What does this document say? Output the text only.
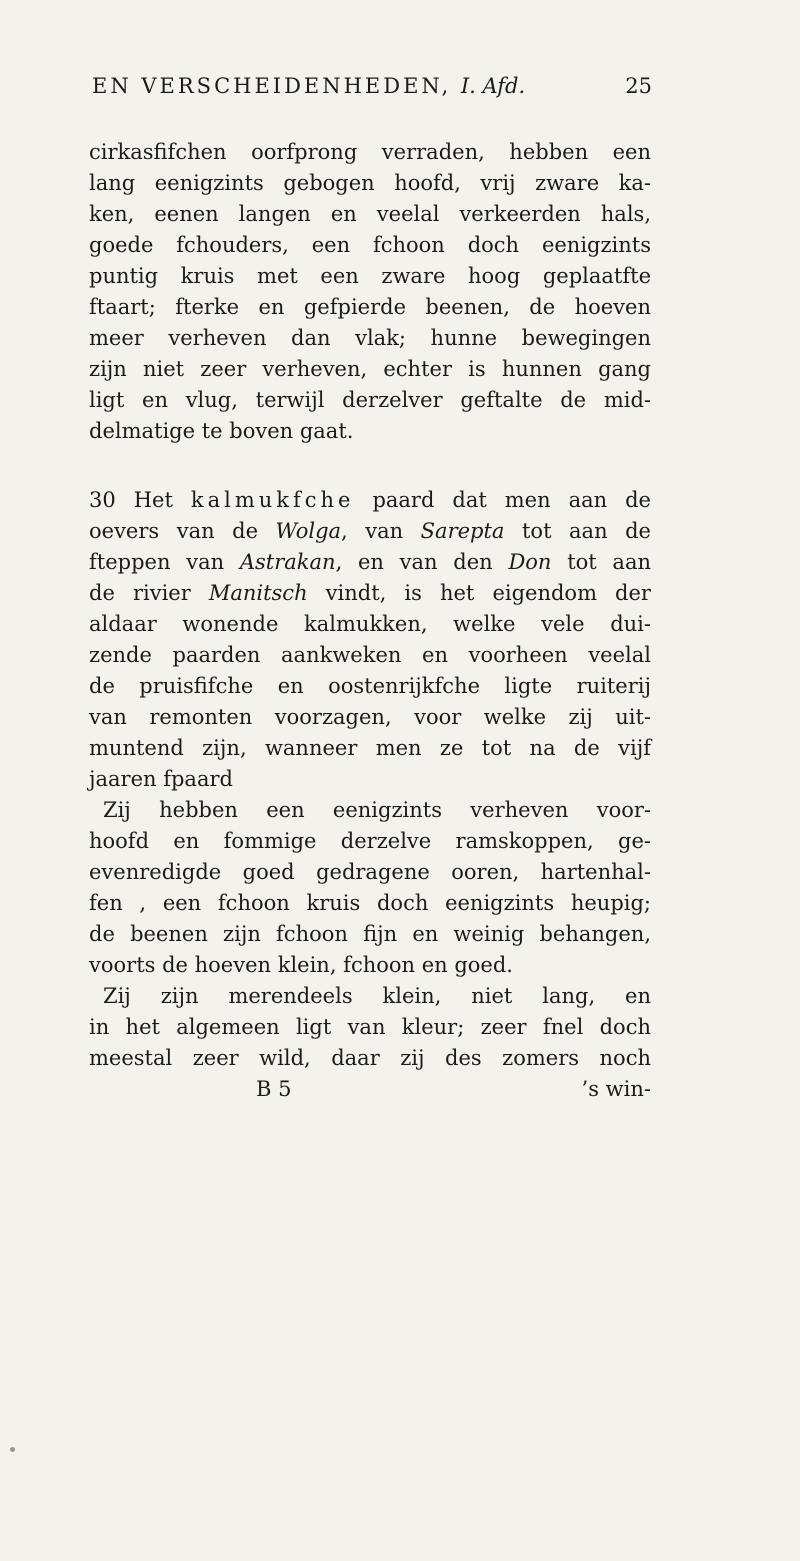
EN VERSCHEIDENHEDEN, I. Afd.	25
cirkasfifchen oorfprong verraden, hebben een
lang eenigzints gebogen hoofd, vrij zware ka-
ken, eenen langen en veelal verkeerden hals,
goede fchouders, een fchoon doch eenigzints
puntig kruis met een zware hoog geplaatfte
ftaart; fterke en gefpierde beenen, de hoeven
meer verheven dan vlak; hunne bewegingen
zijn niet zeer verheven, echter is hunnen gang
ligt en vlug, terwijl derzelver geftalte de mid-
delmatige te boven gaat.
30 Het kalmukfche paard dat men aan de
oevers van de Wolga, van Sarepta tot aan de
fteppen van Astrakan, en van den Don tot aan
de rivier Manitsch vindt, is het eigendom der
aldaar wonende kalmukken, welke vele dui-
zende paarden aankweken en voorheen veelal
de pruisfifche en oostenrijkfche ligte ruiterij
van remonten voorzagen, voor welke zij uit-
muntend zijn, wanneer men ze tot na de vijf
jaaren fpaard
Zij hebben een eenigzints verheven voor-
hoofd en fommige derzelve ramskoppen, ge-
evenredigde goed gedragene ooren, hartenhal-
fen , een fchoon kruis doch eenigzints heupig;
de beenen zijn fchoon fijn en weinig behangen,
voorts de hoeven klein, fchoon en goed.
Zij zijn merendeels klein, niet lang, en
in het algemeen ligt van kleur; zeer fnel doch
meestal zeer wild, daar zij des zomers noch
B 5	’s win-
